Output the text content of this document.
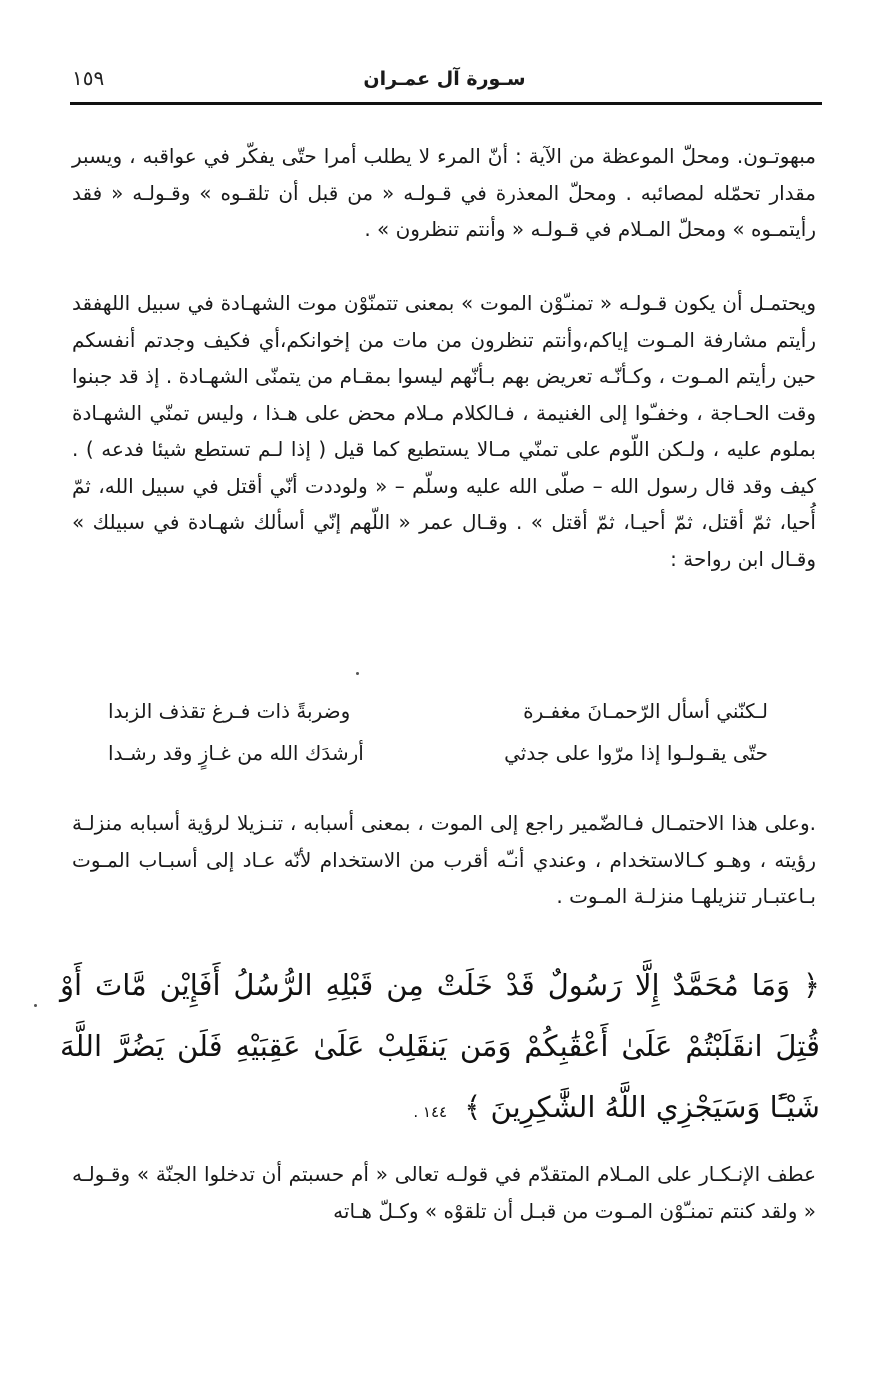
١٥٩	سـورة آل عمـران
مبهوتـون. ومحلّ الموعظة من الآية : أنّ المرء لا يطلب أمرا حتّى يفكّر في عواقبه ، ويسبر مقدار تحمّله لمصائبه . ومحلّ المعذرة في قـولـه « من قبل أن تلقـوه » وقـولـه « فقد رأيتمـوه » ومحلّ المـلام في قـولـه « وأنتم تنظرون » .
ويحتمـل أن يكون قـولـه « تمنـّوْن الموت » بمعنى تتمنّوْن موت الشهـادة في سبيل اللهفقد رأيتم مشارفة المـوت إياكم،وأنتم تنظرون من مات من إخوانكم،أي فكيف وجدتم أنفسكم حين رأيتم المـوت ، وكـأنّـه تعريض بهم بـأنّهم ليسوا بمقـام من يتمنّى الشهـادة . إذ قد جبنوا وقت الحـاجة ، وخفـّوا إلى الغنيمة ، فـالكلام مـلام محض على هـذا ، وليس تمنّي الشهـادة بملوم عليه ، ولـكن اللّوم على تمنّي مـالا يستطيع كما قيل ( إذا لـم تستطع شيئا فدعه ) . كيف وقد قال رسول الله – صلّى الله عليه وسلّم – « ولوددت أنّي أقتل في سبيل الله، ثمّ أُحيا، ثمّ أقتل، ثمّ أحيـا، ثمّ أقتل » . وقـال عمر « اللّهم إنّي أسألك شهـادة في سبيلك » وقـال ابن رواحة :
لـكنّني أسأل الرّحمـانَ مغفـرة
وضربةً ذات فـرغ تقذف الزبدا
حتّى يقـولـوا إذا مرّوا على جدثي
أرشدَك الله من غـازٍ وقد رشـدا
.وعلى هذا الاحتمـال فـالضّمير راجع إلى الموت ، بمعنى أسبابه ، تنـزيلا لرؤية أسبابه منزلـة رؤيته ، وهـو كـالاستخدام ، وعندي أنـّه أقرب من الاستخدام لأنّه عـاد إلى أسبـاب المـوت بـاعتبـار تنزيلهـا منزلـة المـوت .
﴿ وَمَا مُحَمَّدٌ إِلَّا رَسُولٌ قَدْ خَلَتْ مِن قَبْلِهِ الرُّسُلُ أَفَإِيْن مَّاتَ أَوْ قُتِلَ انقَلَبْتُمْ عَلَىٰ أَعْقَٰبِكُمْ وَمَن يَنقَلِبْ عَلَىٰ عَقِبَيْهِ فَلَن يَضُرَّ اللَّهَ شَيْـًٔا وَسَيَجْزِي اللَّهُ الشَّٰكِرِينَ ﴾ ١٤٤ .
عطف الإنـكـار على المـلام المتقدّم في قولـه تعالى « أم حسبتم أن تدخلوا الجنّة » وقـولـه « ولقد كنتم تمنـّوْن المـوت من قبـل أن تلقوْه » وكـلّ هـاته
